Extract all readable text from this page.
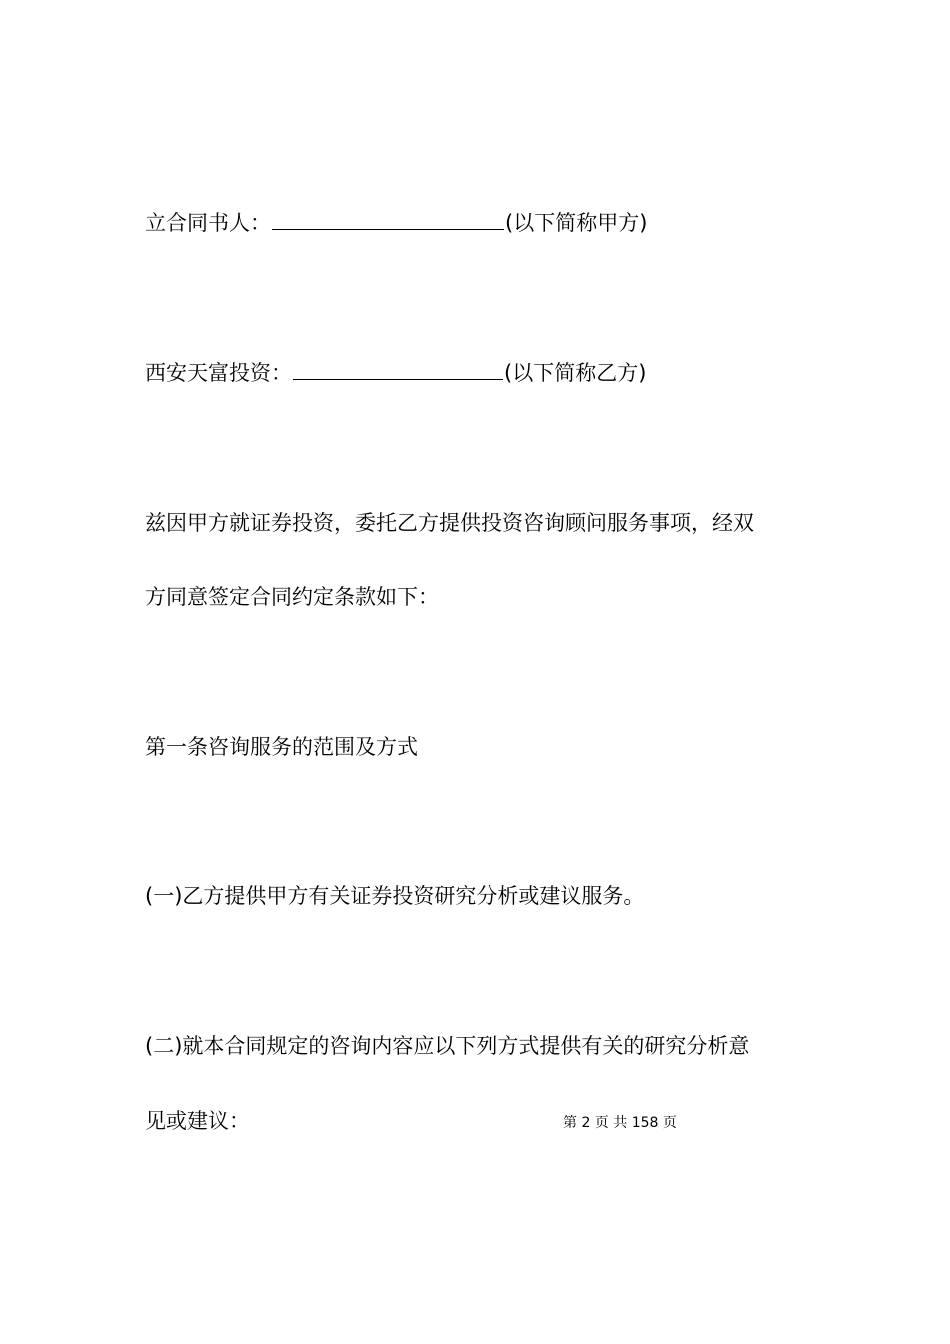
立合同书人：	(以下简称甲方)
西安天富投资：	(以下简称乙方)
兹因甲方就证券投资，委托乙方提供投资咨询顾问服务事项，经双
方同意签定合同约定条款如下：
第一条咨询服务的范围及方式
(一)乙方提供甲方有关证券投资研究分析或建议服务。
(二)就本合同规定的咨询内容应以下列方式提供有关的研究分析意
见或建议：	第 2 页 共 158 页
